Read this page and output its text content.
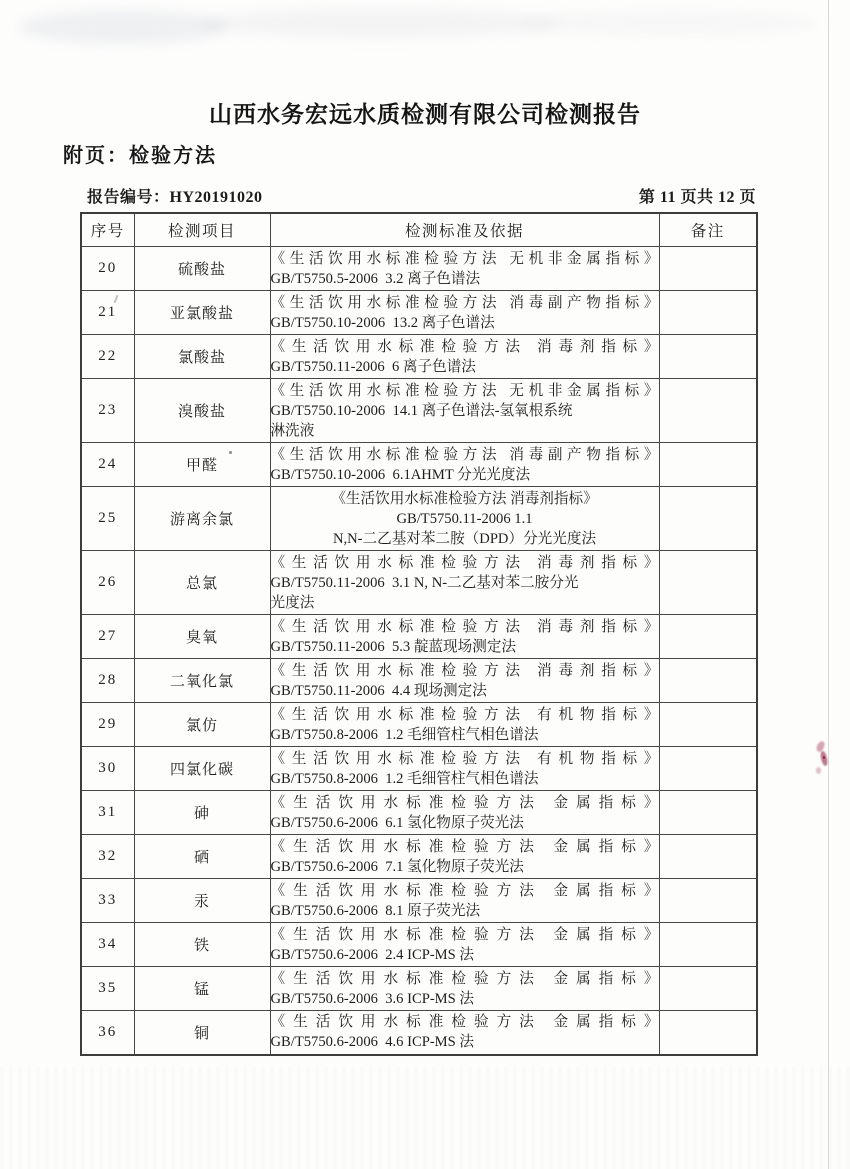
山西水务宏远水质检测有限公司检测报告
附页：检验方法
报告编号：HY20191020	第 11 页共 12 页
序号	检测项目	检测标准及依据	备注
20	硫酸盐	《生活饮用水标准检验方法 无机非金属指标》
GB/T5750.5-2006  3.2 离子色谱法	

21	亚氯酸盐	《生活饮用水标准检验方法 消毒副产物指标》
GB/T5750.10-2006  13.2 离子色谱法	

22	氯酸盐	《生活饮用水标准检验方法 消毒剂指标》
GB/T5750.11-2006  6 离子色谱法	

23	溴酸盐	《生活饮用水标准检验方法 无机非金属指标》
GB/T5750.10-2006  14.1 离子色谱法-氢氧根系统
淋洗液	

24	甲醛	《生活饮用水标准检验方法 消毒副产物指标》
GB/T5750.10-2006  6.1AHMT 分光光度法	

25	游离余氯	《生活饮用水标准检验方法 消毒剂指标》
GB/T5750.11-2006 1.1
N,N-二乙基对苯二胺（DPD）分光光度法	

26	总氯	《生活饮用水标准检验方法 消毒剂指标》
GB/T5750.11-2006  3.1 N, N-二乙基对苯二胺分光
光度法	

27	臭氧	《生活饮用水标准检验方法 消毒剂指标》
GB/T5750.11-2006  5.3 靛蓝现场测定法	

28	二氧化氯	《生活饮用水标准检验方法 消毒剂指标》
GB/T5750.11-2006  4.4 现场测定法	

29	氯仿	《生活饮用水标准检验方法 有机物指标》
GB/T5750.8-2006  1.2 毛细管柱气相色谱法	

30	四氯化碳	《生活饮用水标准检验方法 有机物指标》
GB/T5750.8-2006  1.2 毛细管柱气相色谱法	

31	砷	《生活饮用水标准检验方法 金属指标》
GB/T5750.6-2006  6.1 氢化物原子荧光法	

32	硒	《生活饮用水标准检验方法 金属指标》
GB/T5750.6-2006  7.1 氢化物原子荧光法	

33	汞	《生活饮用水标准检验方法 金属指标》
GB/T5750.6-2006  8.1 原子荧光法	

34	铁	《生活饮用水标准检验方法 金属指标》
GB/T5750.6-2006  2.4 ICP-MS 法	

35	锰	《生活饮用水标准检验方法 金属指标》
GB/T5750.6-2006  3.6 ICP-MS 法	

36	铜	《生活饮用水标准检验方法 金属指标》
GB/T5750.6-2006  4.6 ICP-MS 法	
